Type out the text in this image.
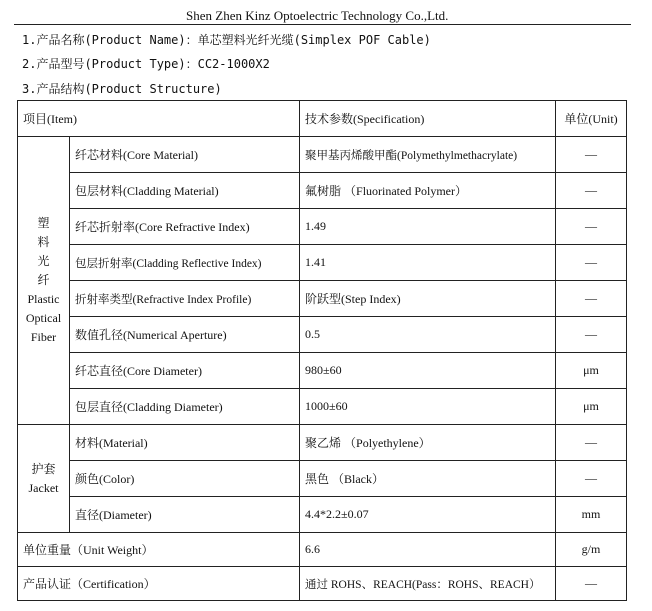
Shen Zhen Kinz Optoelectric Technology Co.,Ltd.
1.产品名称(Product Name)：单芯塑料光纤光缆(Simplex POF Cable)
2.产品型号(Product Type)：CC2-1000X2
3.产品结构(Product Structure)
项目(Item)		技术参数(Specification)	单位(Unit)

塑 料 光 纤
Plastic Optical Fiber	纤芯材料(Core Material)	聚甲基丙烯酸甲酯(Polymethylmethacrylate)	—
	包层材料(Cladding Material)	氟树脂 （Fluorinated Polymer）	—
	纤芯折射率(Core Refractive Index)	1.49	—
	包层折射率(Cladding Reflective Index)	1.41	—
	折射率类型(Refractive Index Profile)	阶跃型(Step Index)	—
	数值孔径(Numerical Aperture)	0.5	—
	纤芯直径(Core Diameter)	980±60	μm
	包层直径(Cladding Diameter)	1000±60	μm

护套
Jacket	材料(Material)	聚乙烯 （Polyethylene）	—
	颜色(Color)	黑色 （Black）	—
	直径(Diameter)	4.4*2.2±0.07	mm
单位重量（Unit Weight）		6.6	g/m
产品认证（Certification）		通过 ROHS、REACH(Pass：ROHS、REACH）	—
